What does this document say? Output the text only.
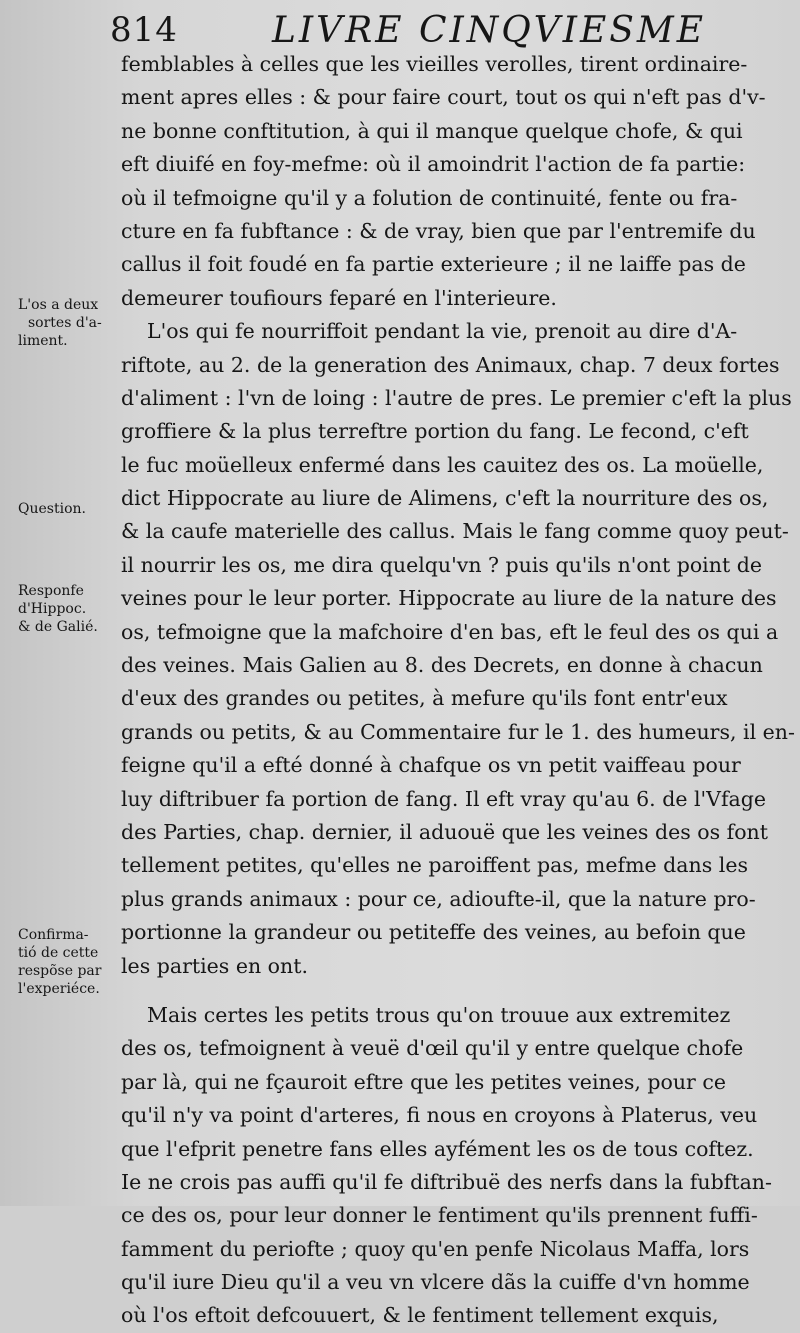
814	LIVRE CINQVIESME
L'os a deux
sortes d'a-
liment.
Question.
Responfe
d'Hippoc.
& de Galié.
Confirma-
tió de cette
respõse par
l'experiéce.
femblables à celles que les vieilles verolles, tirent ordinaire-
ment apres elles : & pour faire court, tout os qui n'eft pas d'v-
ne bonne conftitution, à qui il manque quelque chofe, & qui
eft diuifé en foy-mefme: où il amoindrit l'action de fa partie:
où il tefmoigne qu'il y a folution de continuité, fente ou fra-
cture en fa fubftance : & de vray, bien que par l'entremife du
callus il foit foudé en fa partie exterieure ; il ne laiffe pas de
demeurer toufiours feparé en l'interieure.
L'os qui fe nourriffoit pendant la vie, prenoit au dire d'A-
riftote, au 2. de la generation des Animaux, chap. 7 deux fortes
d'aliment : l'vn de loing : l'autre de pres. Le premier c'eft la plus
groffiere & la plus terreftre portion du fang. Le fecond, c'eft
le fuc moüelleux enfermé dans les cauitez des os. La moüelle,
dict Hippocrate au liure de Alimens, c'eft la nourriture des os,
& la caufe materielle des callus. Mais le fang comme quoy peut-
il nourrir les os, me dira quelqu'vn ? puis qu'ils n'ont point de
veines pour le leur porter. Hippocrate au liure de la nature des
os, tefmoigne que la mafchoire d'en bas, eft le feul des os qui a
des veines. Mais Galien au 8. des Decrets, en donne à chacun
d'eux des grandes ou petites, à mefure qu'ils font entr'eux
grands ou petits, & au Commentaire fur le 1. des humeurs, il en-
feigne qu'il a efté donné à chafque os vn petit vaiffeau pour
luy diftribuer fa portion de fang. Il eft vray qu'au 6. de l'Vfage
des Parties, chap. dernier, il aduouë que les veines des os font
tellement petites, qu'elles ne paroiffent pas, mefme dans les
plus grands animaux : pour ce, adioufte-il, que la nature pro-
portionne la grandeur ou petiteffe des veines, au befoin que
les parties en ont.
Mais certes les petits trous qu'on trouue aux extremitez
des os, tefmoignent à veuë d'œil qu'il y entre quelque chofe
par là, qui ne fçauroit eftre que les petites veines, pour ce
qu'il n'y va point d'arteres, fi nous en croyons à Platerus, veu
que l'efprit penetre fans elles ayfément les os de tous coftez.
Ie ne crois pas auffi qu'il fe diftribuë des nerfs dans la fubftan-
ce des os, pour leur donner le fentiment qu'ils prennent fuffi-
famment du periofte ; quoy qu'en penfe Nicolaus Maffa, lors
qu'il iure Dieu qu'il a veu vn vlcere dãs la cuiffe d'vn homme
où l'os eftoit defcouuert, & le fentiment tellement exquis,
